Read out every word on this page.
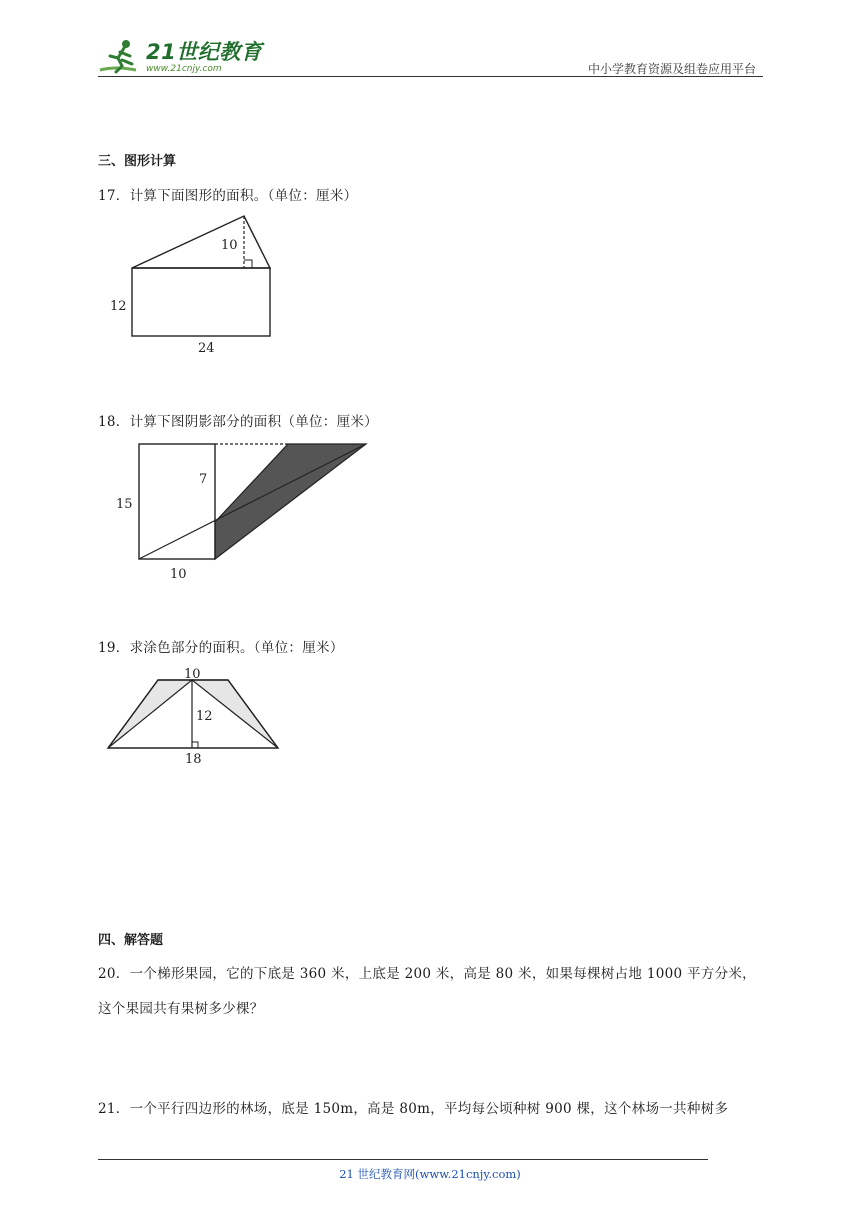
21世纪教育
www.21cnjy.com	中小学教育资源及组卷应用平台
三、图形计算
17．计算下面图形的面积。（单位：厘米）
10
12
24
18．计算下图阴影部分的面积（单位：厘米）
7
15
10
19．求涂色部分的面积。（单位：厘米）
10
12
18
四、解答题
20．一个梯形果园，它的下底是 360 米，上底是 200 米，高是 80 米，如果每棵树占地 1000 平方分米，
这个果园共有果树多少棵？
21．一个平行四边形的林场，底是 150m，高是 80m，平均每公顷种树 900 棵，这个林场一共种树多
21 世纪教育网(www.21cnjy.com)
